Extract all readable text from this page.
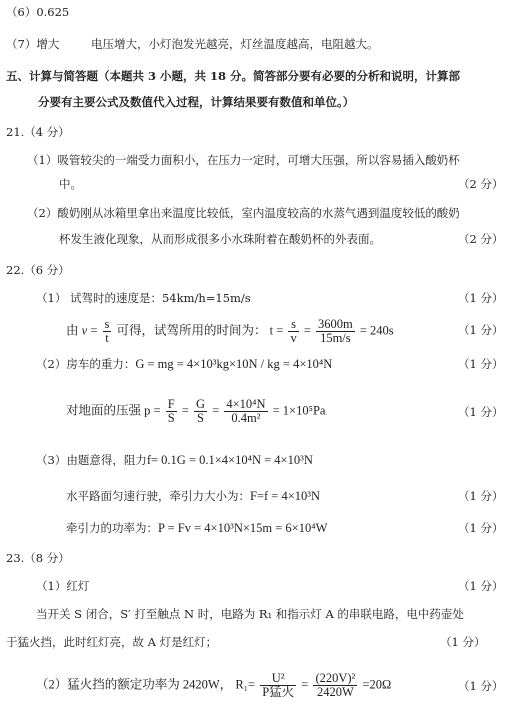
（6）0.625
（7）增大	电压增大，小灯泡发光越亮，灯丝温度越高，电阻越大。
五、计算与简答题（本题共 3 小题，共 18 分。简答部分要有必要的分析和说明，计算部
分要有主要公式及数值代入过程，计算结果要有数值和单位。）
21.（4 分）
（1）吸管较尖的一端受力面积小，在压力一定时，可增大压强，所以容易插入酸奶杯
中。	（2 分）
（2）酸奶刚从冰箱里拿出来温度比较低，室内温度较高的水蒸气遇到温度较低的酸奶
杯发生液化现象，从而形成很多小水珠附着在酸奶杯的外表面。	（2 分）
22.（6 分）
（1） 试驾时的速度是：54km/h=15m/s	（1 分）
由 $v = \frac{s}{t}$ 可得，试驾所用的时间为： $t = \frac{s}{v} = \frac{3600m}{15m/s} = 240s$	（1 分）
（2）房车的重力：G = mg = 4×10³kg×10N / kg = 4×10⁴N	（1 分）
对地面的压强 $p = \frac{F}{S} = \frac{G}{S} = \frac{\text{4×10⁴N}}{\text{0.4m²}} = 1\times 10^5Pa$	（1 分）
（3）由题意得，阻力f= 0.1G = 0.1×4×10⁴N = 4×10³N
水平路面匀速行驶，牵引力大小为：F=f = 4×10³N	（1 分）
牵引力的功率为：P = Fv = 4×10³N×15m = 6×10⁴W	（1 分）
23.（8 分）
（1）红灯	（1 分）
当开关 S 闭合，S′ 打至触点 N 时，电路为 R₁ 和指示灯 A 的串联电路，电中药壶处
于猛火挡，此时红灯亮，故 A 灯是红灯；	（1 分）
（2）猛火挡的额定功率为 2420W， $R_1= \frac{\text{U²}}{\text{P猛火}} = \frac{\text{(220V)²}}{2420W} =20\Omega$	（1 分）
